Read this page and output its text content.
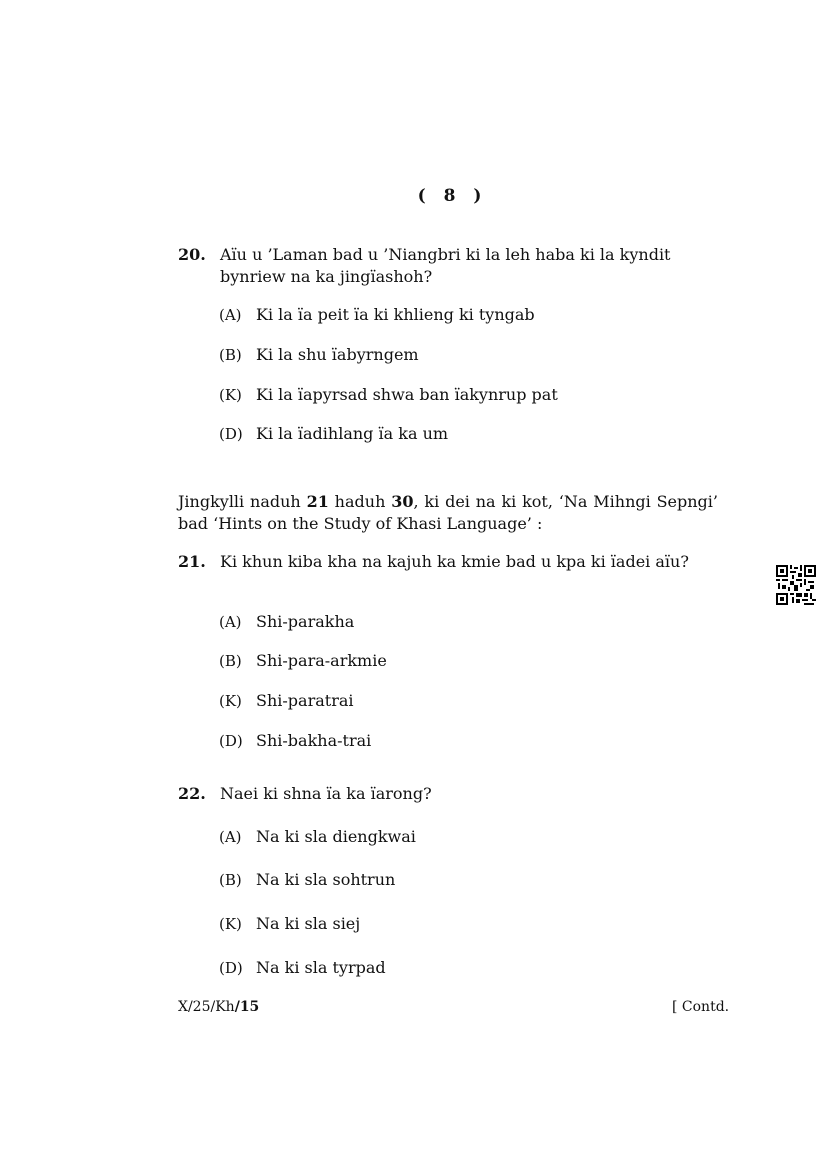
( 8 )
20. Aïu u ’Laman bad u ’Niangbri ki la leh haba ki la kyndit bynriew na ka jingïashoh?
(A) Ki la ïa peit ïa ki khlieng ki tyngab
(B) Ki la shu ïabyrngem
(K) Ki la ïapyrsad shwa ban ïakynrup pat
(D) Ki la ïadihlang ïa ka um
Jingkylli naduh 21 haduh 30, ki dei na ki kot, ‘Na Mihngi Sepngi’ bad ‘Hints on the Study of Khasi Language’ :
21. Ki khun kiba kha na kajuh ka kmie bad u kpa ki ïadei aïu?
(A) Shi-parakha
(B) Shi-para-arkmie
(K) Shi-paratrai
(D) Shi-bakha-trai
22. Naei ki shna ïa ka ïarong?
(A) Na ki sla diengkwai
(B) Na ki sla sohtrun
(K) Na ki sla siej
(D) Na ki sla tyrpad
X/25/Kh/15	[ Contd.
